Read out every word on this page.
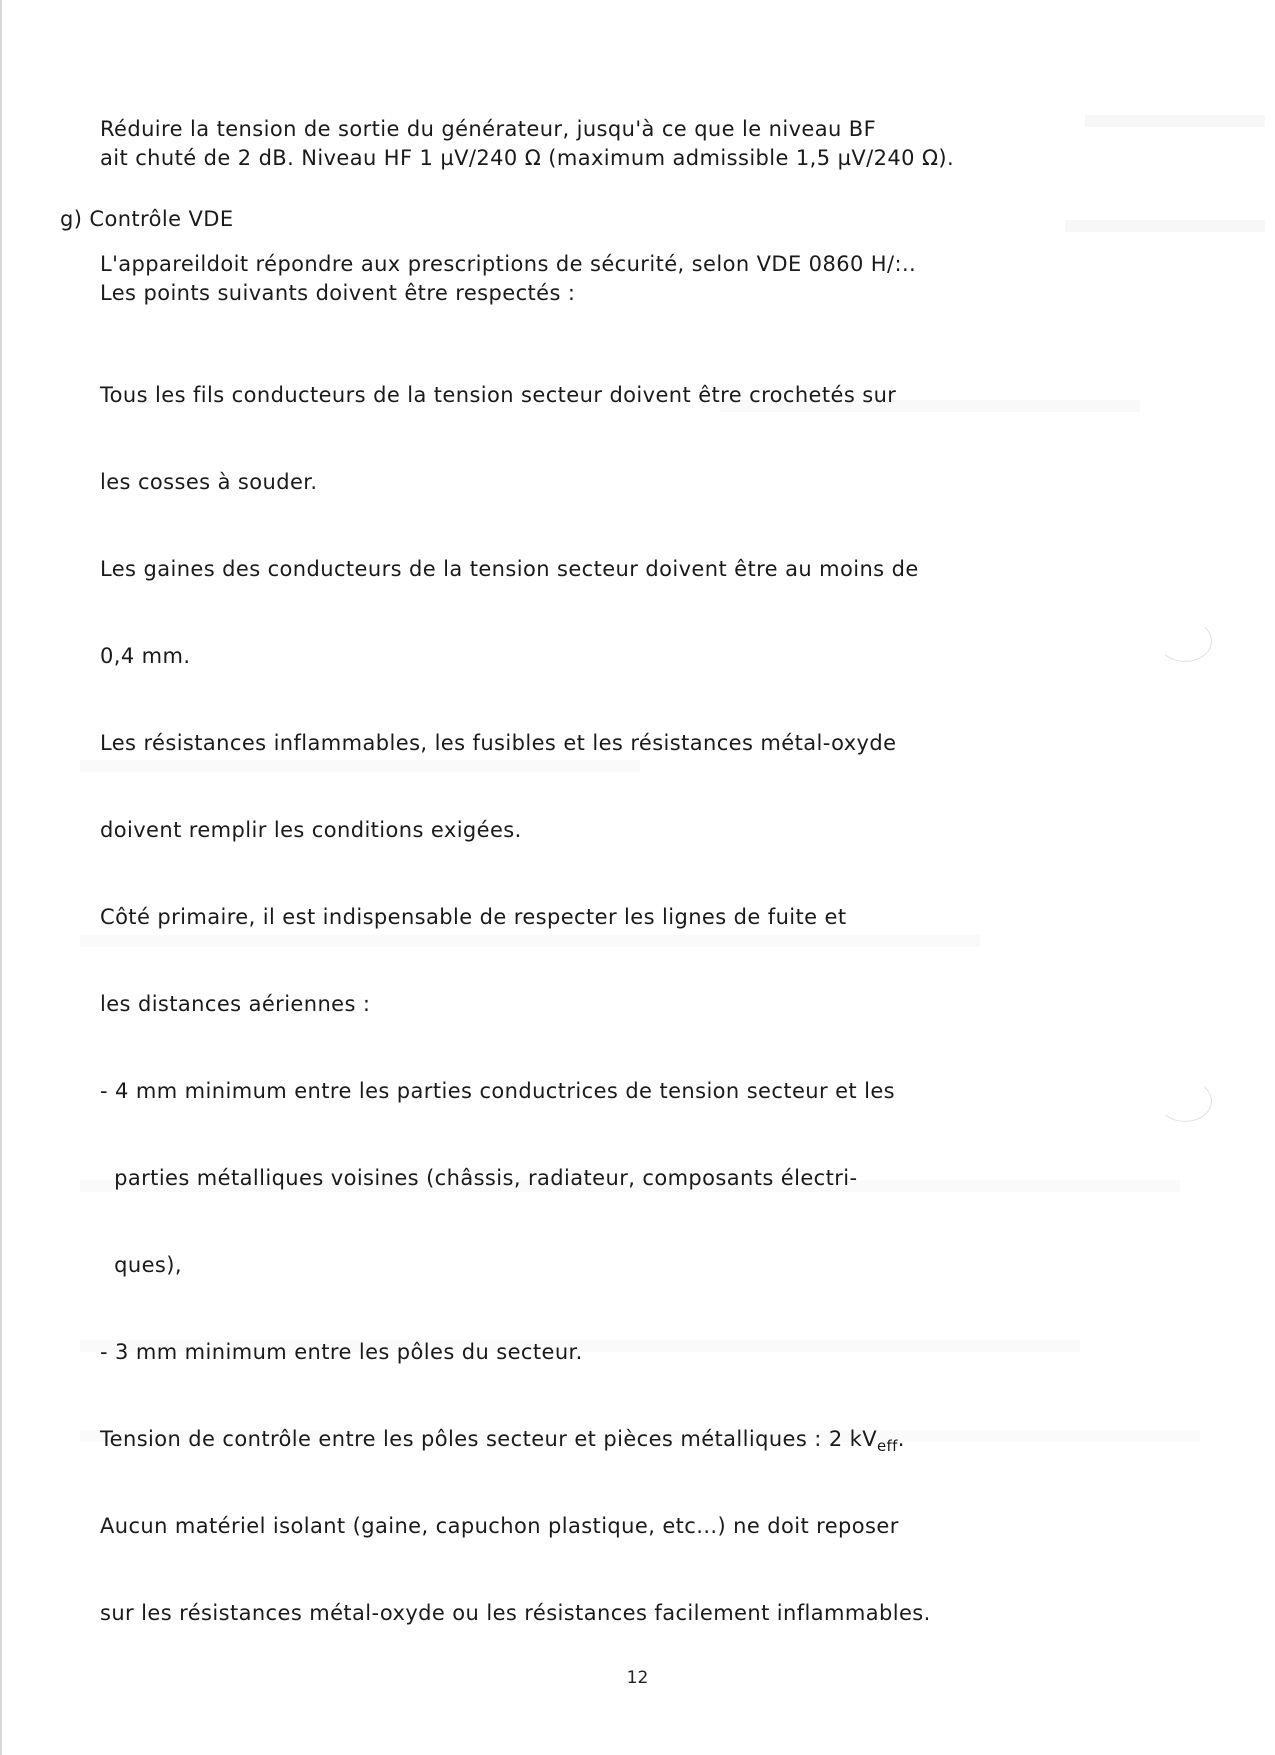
Réduire la tension de sortie du générateur, jusqu'à ce que le niveau BF
ait chuté de 2 dB. Niveau HF 1 µV/240 Ω (maximum admissible 1,5 µV/240 Ω).
g) Contrôle VDE
L'appareildoit répondre aux prescriptions de sécurité, selon VDE 0860 H/:..
Les points suivants doivent être respectés :

Tous les fils conducteurs de la tension secteur doivent être crochetés sur

les cosses à souder.

Les gaines des conducteurs de la tension secteur doivent être au moins de

0,4 mm.

Les résistances inflammables, les fusibles et les résistances métal-oxyde

doivent remplir les conditions exigées.

Côté primaire, il est indispensable de respecter les lignes de fuite et

les distances aériennes :

- 4 mm minimum entre les parties conductrices de tension secteur et les

parties métalliques voisines (châssis, radiateur, composants électri-

ques),

- 3 mm minimum entre les pôles du secteur.

Tension de contrôle entre les pôles secteur et pièces métalliques : 2 $kV_{eff}$.

Aucun matériel isolant (gaine, capuchon plastique, etc...) ne doit reposer

sur les résistances métal-oxyde ou les résistances facilement inflammables.

12
